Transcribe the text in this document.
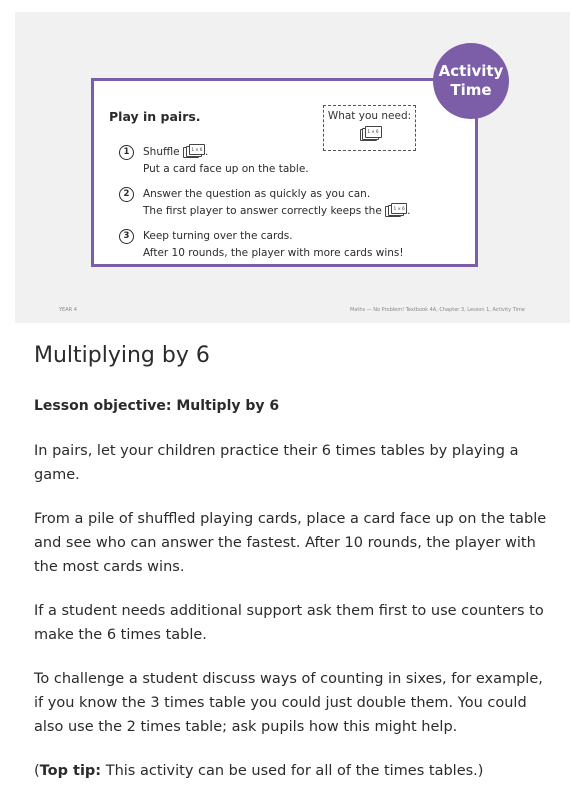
Play in pairs.	What you need:
1 × 6
1	Shuffle	1 × 6 .
Put a card face up on the table.
2	Answer the question as quickly as you can.
The first player to answer correctly keeps the	1 × 6 .
3	Keep turning over the cards.
After 10 rounds, the player with more cards wins!
Activity
Time
YEAR 4	Maths — No Problem! Textbook 4A, Chapter 3, Lesson 1, Activity Time
Multiplying by 6
Lesson objective: Multiply by 6

In pairs, let your children practice their 6 times tables by playing a game.

From a pile of shuffled playing cards, place a card face up on the table and see who can answer the fastest. After 10 rounds, the player with the most cards wins.

If a student needs additional support ask them first to use counters to make the 6 times table.

To challenge a student discuss ways of counting in sixes, for example, if you know the 3 times table you could just double them. You could also use the 2 times table; ask pupils how this might help.

(Top tip: This activity can be used for all of the times tables.)
